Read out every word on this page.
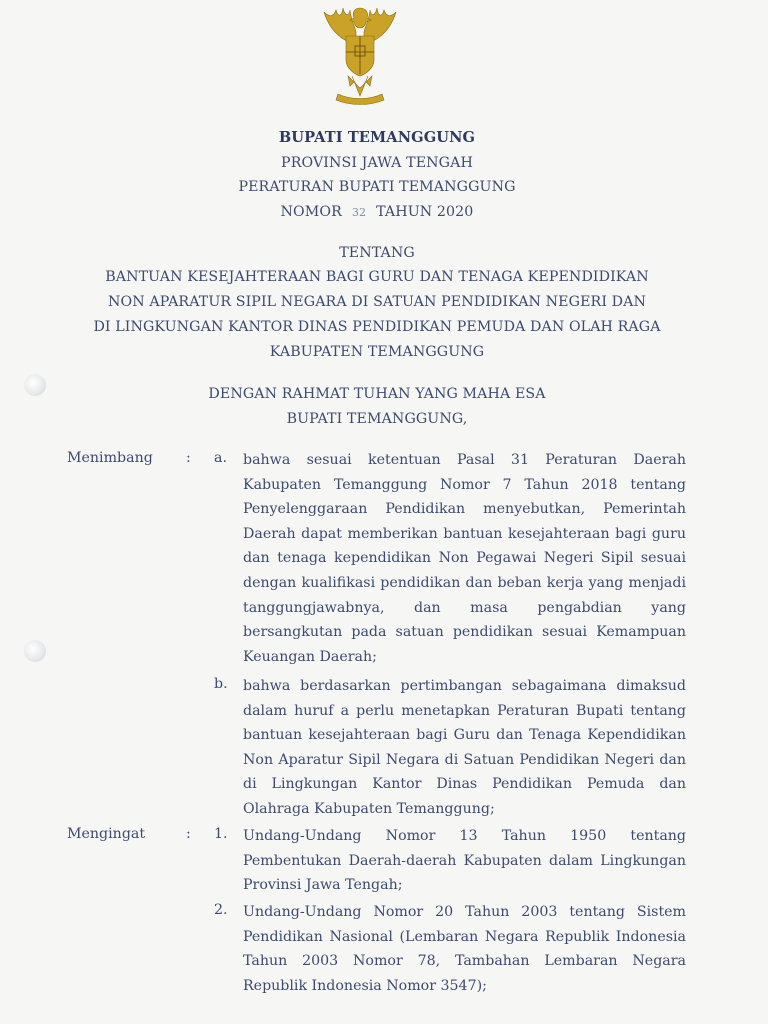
BUPATI TEMANGGUNG
PROVINSI JAWA TENGAH
PERATURAN BUPATI TEMANGGUNG
NOMOR 32 TAHUN 2020
TENTANG
BANTUAN KESEJAHTERAAN BAGI GURU DAN TENAGA KEPENDIDIKAN
NON APARATUR SIPIL NEGARA DI SATUAN PENDIDIKAN NEGERI DAN
DI LINGKUNGAN KANTOR DINAS PENDIDIKAN PEMUDA DAN OLAH RAGA
KABUPATEN TEMANGGUNG
DENGAN RAHMAT TUHAN YANG MAHA ESA
BUPATI TEMANGGUNG,
Menimbang : a. bahwa sesuai ketentuan Pasal 31 Peraturan Daerah Kabupaten Temanggung Nomor 7 Tahun 2018 tentang Penyelenggaraan Pendidikan menyebutkan, Pemerintah Daerah dapat memberikan bantuan kesejahteraan bagi guru dan tenaga kependidikan Non Pegawai Negeri Sipil sesuai dengan kualifikasi pendidikan dan beban kerja yang menjadi tanggungjawabnya, dan masa pengabdian yang bersangkutan pada satuan pendidikan sesuai Kemampuan Keuangan Daerah;
b. bahwa berdasarkan pertimbangan sebagaimana dimaksud dalam huruf a perlu menetapkan Peraturan Bupati tentang bantuan kesejahteraan bagi Guru dan Tenaga Kependidikan Non Aparatur Sipil Negara di Satuan Pendidikan Negeri dan di Lingkungan Kantor Dinas Pendidikan Pemuda dan Olahraga Kabupaten Temanggung;
Mengingat	: 1. Undang-Undang Nomor 13 Tahun 1950 tentang Pembentukan Daerah-daerah Kabupaten dalam Lingkungan Provinsi Jawa Tengah;
2. Undang-Undang Nomor 20 Tahun 2003 tentang Sistem Pendidikan Nasional (Lembaran Negara Republik Indonesia Tahun 2003 Nomor 78, Tambahan Lembaran Negara Republik Indonesia Nomor 3547);
